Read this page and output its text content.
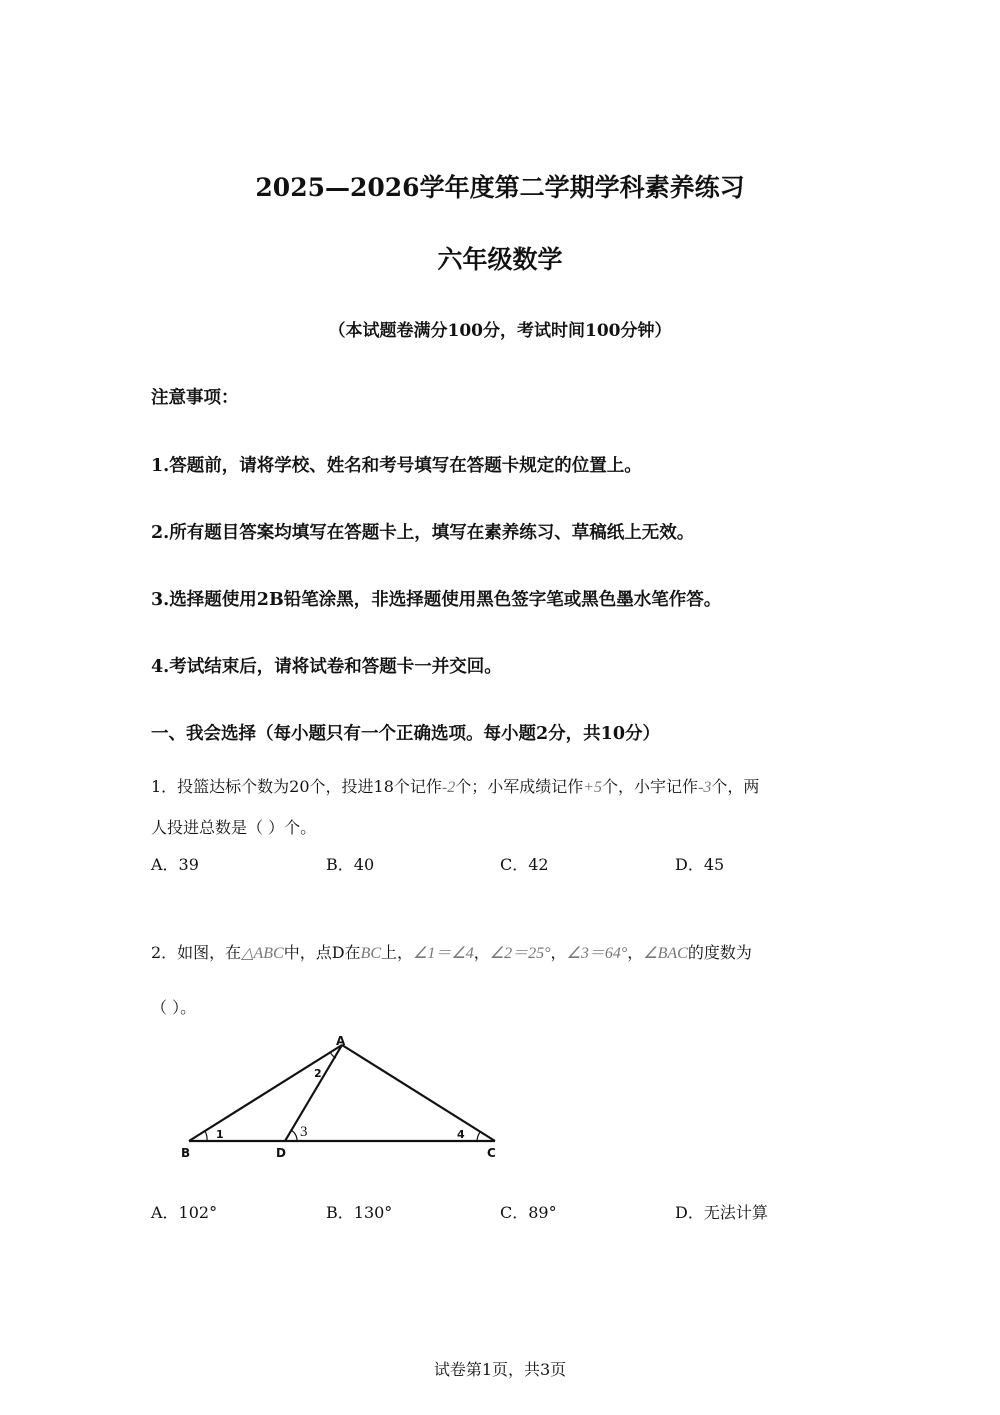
2025—2026学年度第二学期学科素养练习
六年级数学
（本试题卷满分100分，考试时间100分钟）
注意事项：
1.答题前，请将学校、姓名和考号填写在答题卡规定的位置上。
2.所有题目答案均填写在答题卡上，填写在素养练习、草稿纸上无效。
3.选择题使用2B铅笔涂黑，非选择题使用黑色签字笔或黑色墨水笔作答。
4.考试结束后，请将试卷和答题卡一并交回。
一、我会选择（每小题只有一个正确选项。每小题2分，共10分）
1．投篮达标个数为20个，投进18个记作-2个；小军成绩记作+5个，小宇记作-3个，两
人投进总数是（ ）个。
A．39	B．40	C．42	D．45
2．如图，在△ABC中，点D在BC上，∠1＝∠4，∠2＝25°，∠3＝64°，∠BAC的度数为
（ ）。
A
B	C
D
1
2
4
3
A．102°	B．130°	C．89°	D．无法计算
试卷第1页，共3页
